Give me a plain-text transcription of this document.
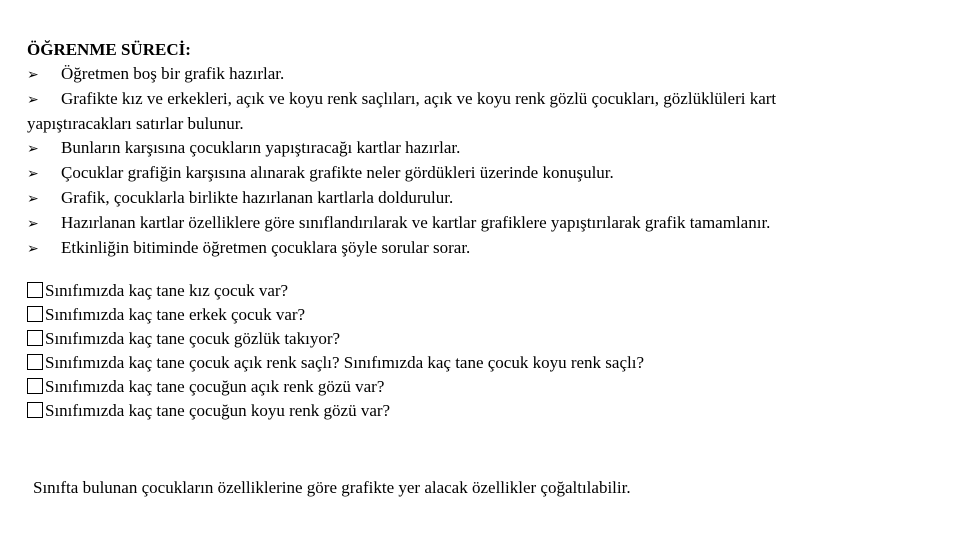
ÖĞRENME SÜRECİ:

➢ Öğretmen boş bir grafik hazırlar.
➢ Grafikte kız ve erkekleri, açık ve koyu renk saçlıları, açık ve koyu renk gözlü çocukları, gözlüklüleri kart
yapıştıracakları satırlar bulunur.
➢ Bunların karşısına çocukların yapıştıracağı kartlar hazırlar.
➢ Çocuklar grafiğin karşısına alınarak grafikte neler gördükleri üzerinde konuşulur.
➢ Grafik, çocuklarla birlikte hazırlanan kartlarla doldurulur.
➢ Hazırlanan kartlar özelliklere göre sınıflandırılarak ve kartlar grafiklere yapıştırılarak grafik tamamlanır.
➢ Etkinliğin bitiminde öğretmen çocuklara şöyle sorular sorar.
Sınıfımızda kaç tane kız çocuk var?
Sınıfımızda kaç tane erkek çocuk var?
Sınıfımızda kaç tane çocuk gözlük takıyor?
Sınıfımızda kaç tane çocuk açık renk saçlı? Sınıfımızda kaç tane çocuk koyu renk saçlı?
Sınıfımızda kaç tane çocuğun açık renk gözü var?
Sınıfımızda kaç tane çocuğun koyu renk gözü var?

Sınıfta bulunan çocukların özelliklerine göre grafikte yer alacak özellikler çoğaltılabilir.
